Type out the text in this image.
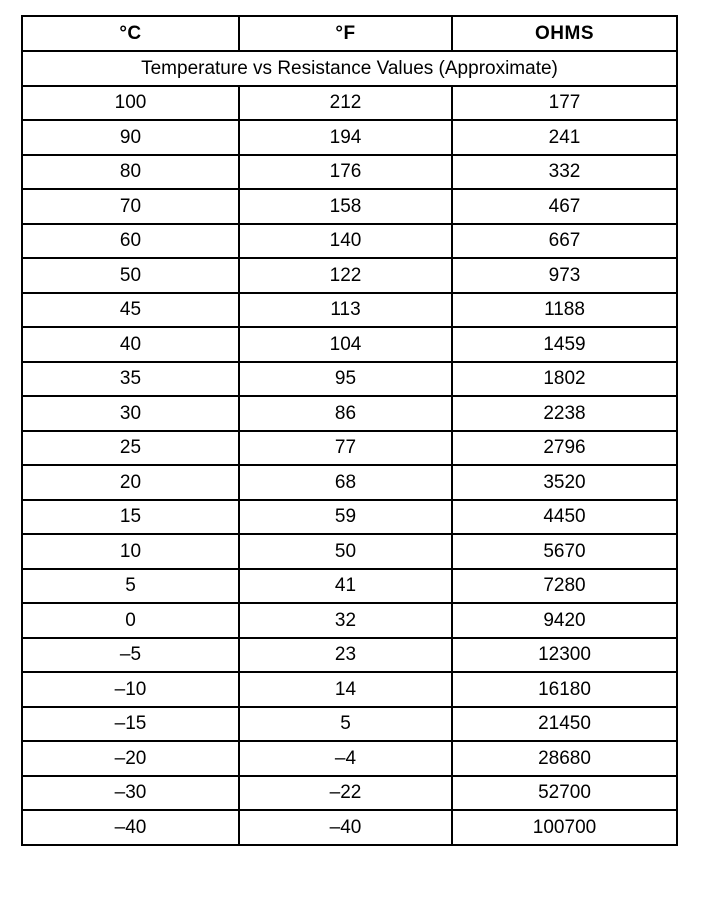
°C	°F	OHMS
Temperature vs Resistance Values (Approximate)		
100	212	177
90	194	241
80	176	332
70	158	467
60	140	667
50	122	973
45	113	1188
40	104	1459
35	95	1802
30	86	2238
25	77	2796
20	68	3520
15	59	4450
10	50	5670
5	41	7280
0	32	9420
–5	23	12300
–10	14	16180
–15	5	21450
–20	–4	28680
–30	–22	52700
–40	–40	100700
